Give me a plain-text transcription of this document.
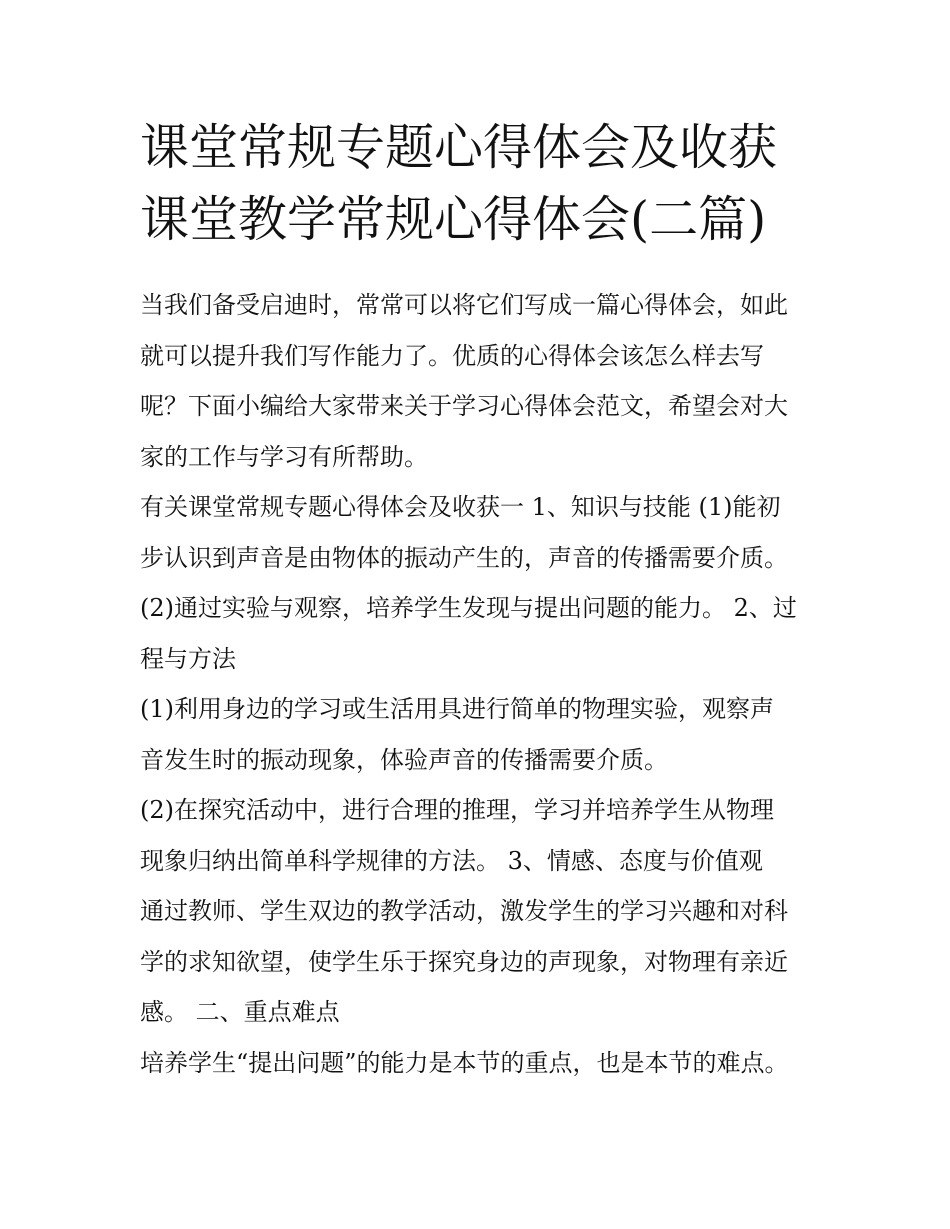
课堂常规专题心得体会及收获
课堂教学常规心得体会(二篇)
当我们备受启迪时，常常可以将它们写成一篇心得体会，如此
就可以提升我们写作能力了。优质的心得体会该怎么样去写
呢？下面小编给大家带来关于学习心得体会范文，希望会对大
家的工作与学习有所帮助。
有关课堂常规专题心得体会及收获一 1、知识与技能 (1)能初
步认识到声音是由物体的振动产生的，声音的传播需要介质。
(2)通过实验与观察，培养学生发现与提出问题的能力。 2、过
程与方法
(1)利用身边的学习或生活用具进行简单的物理实验，观察声
音发生时的振动现象，体验声音的传播需要介质。
(2)在探究活动中，进行合理的推理，学习并培养学生从物理
现象归纳出简单科学规律的方法。 3、情感、态度与价值观
通过教师、学生双边的教学活动，激发学生的学习兴趣和对科
学的求知欲望，使学生乐于探究身边的声现象，对物理有亲近
感。 二、重点难点
培养学生“提出问题”的能力是本节的重点，也是本节的难点。
